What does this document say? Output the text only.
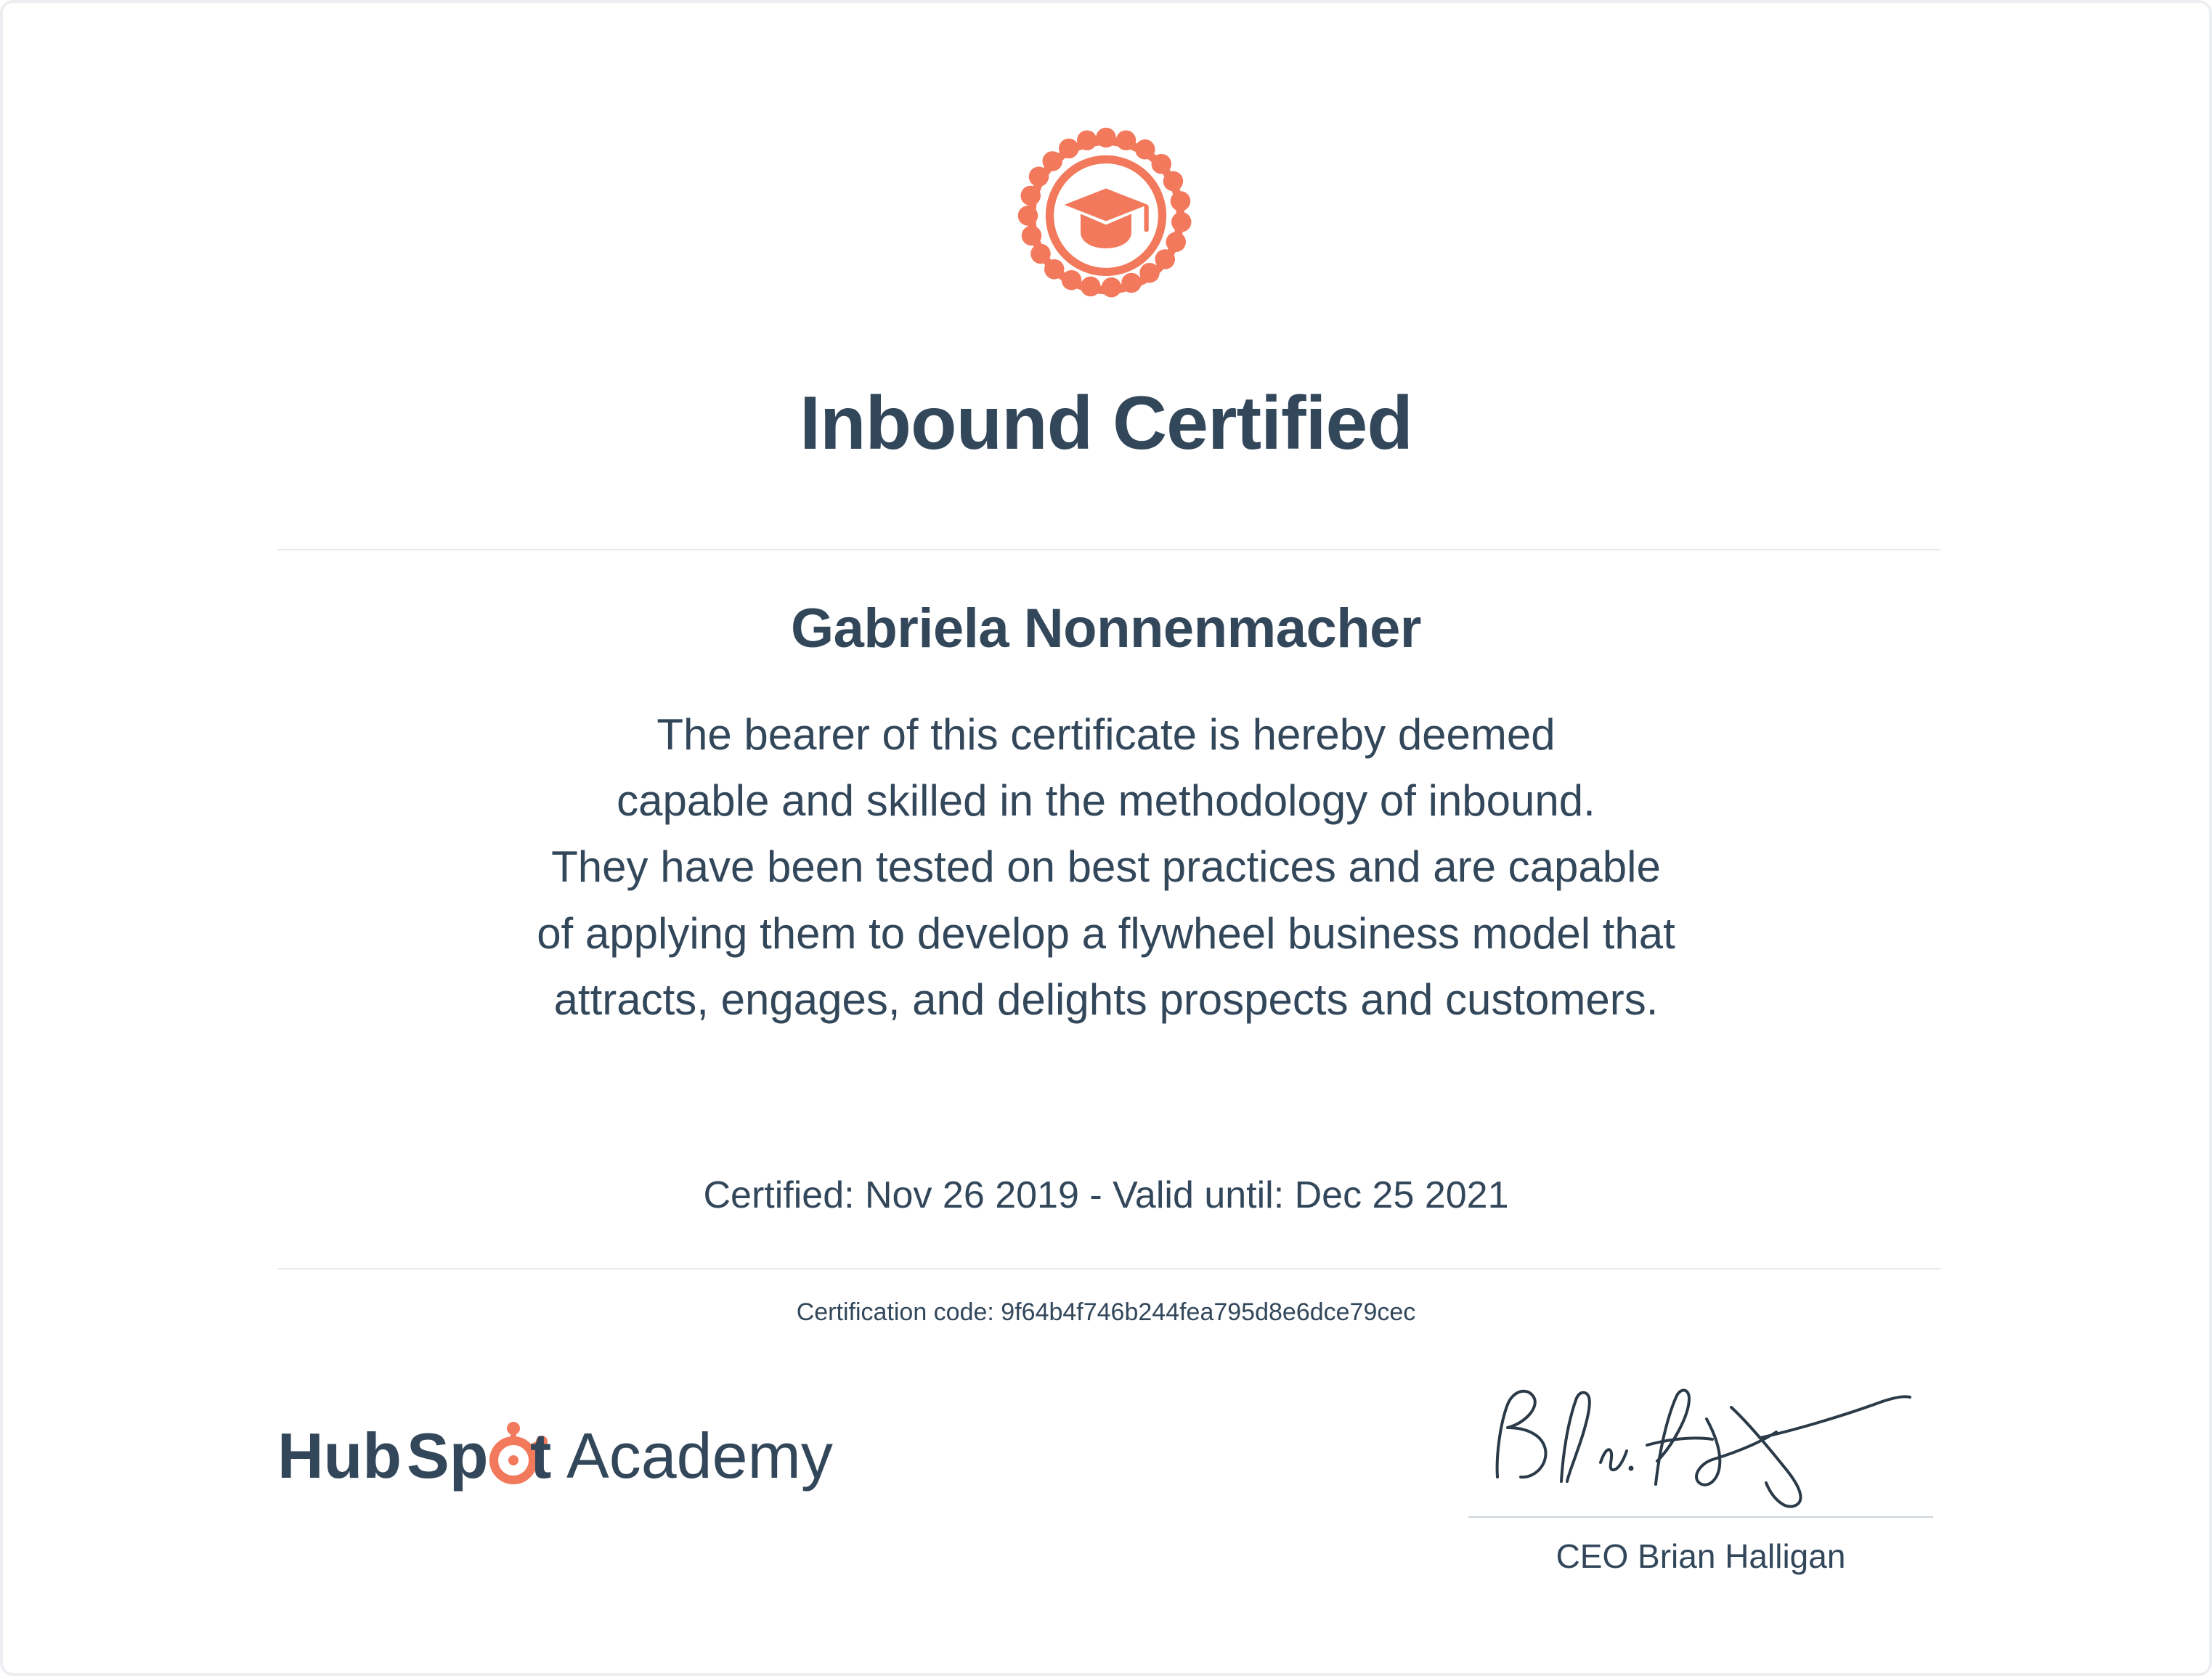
Inbound Certified
Gabriela Nonnenmacher
The bearer of this certificate is hereby deemed
capable and skilled in the methodology of inbound.
They have been tested on best practices and are capable
of applying them to develop a flywheel business model that
attracts, engages, and delights prospects and customers.
Certified: Nov 26 2019 - Valid until: Dec 25 2021
Certification code: 9f64b4f746b244fea795d8e6dce79cec
Hub Sp t Academy
CEO Brian Halligan
